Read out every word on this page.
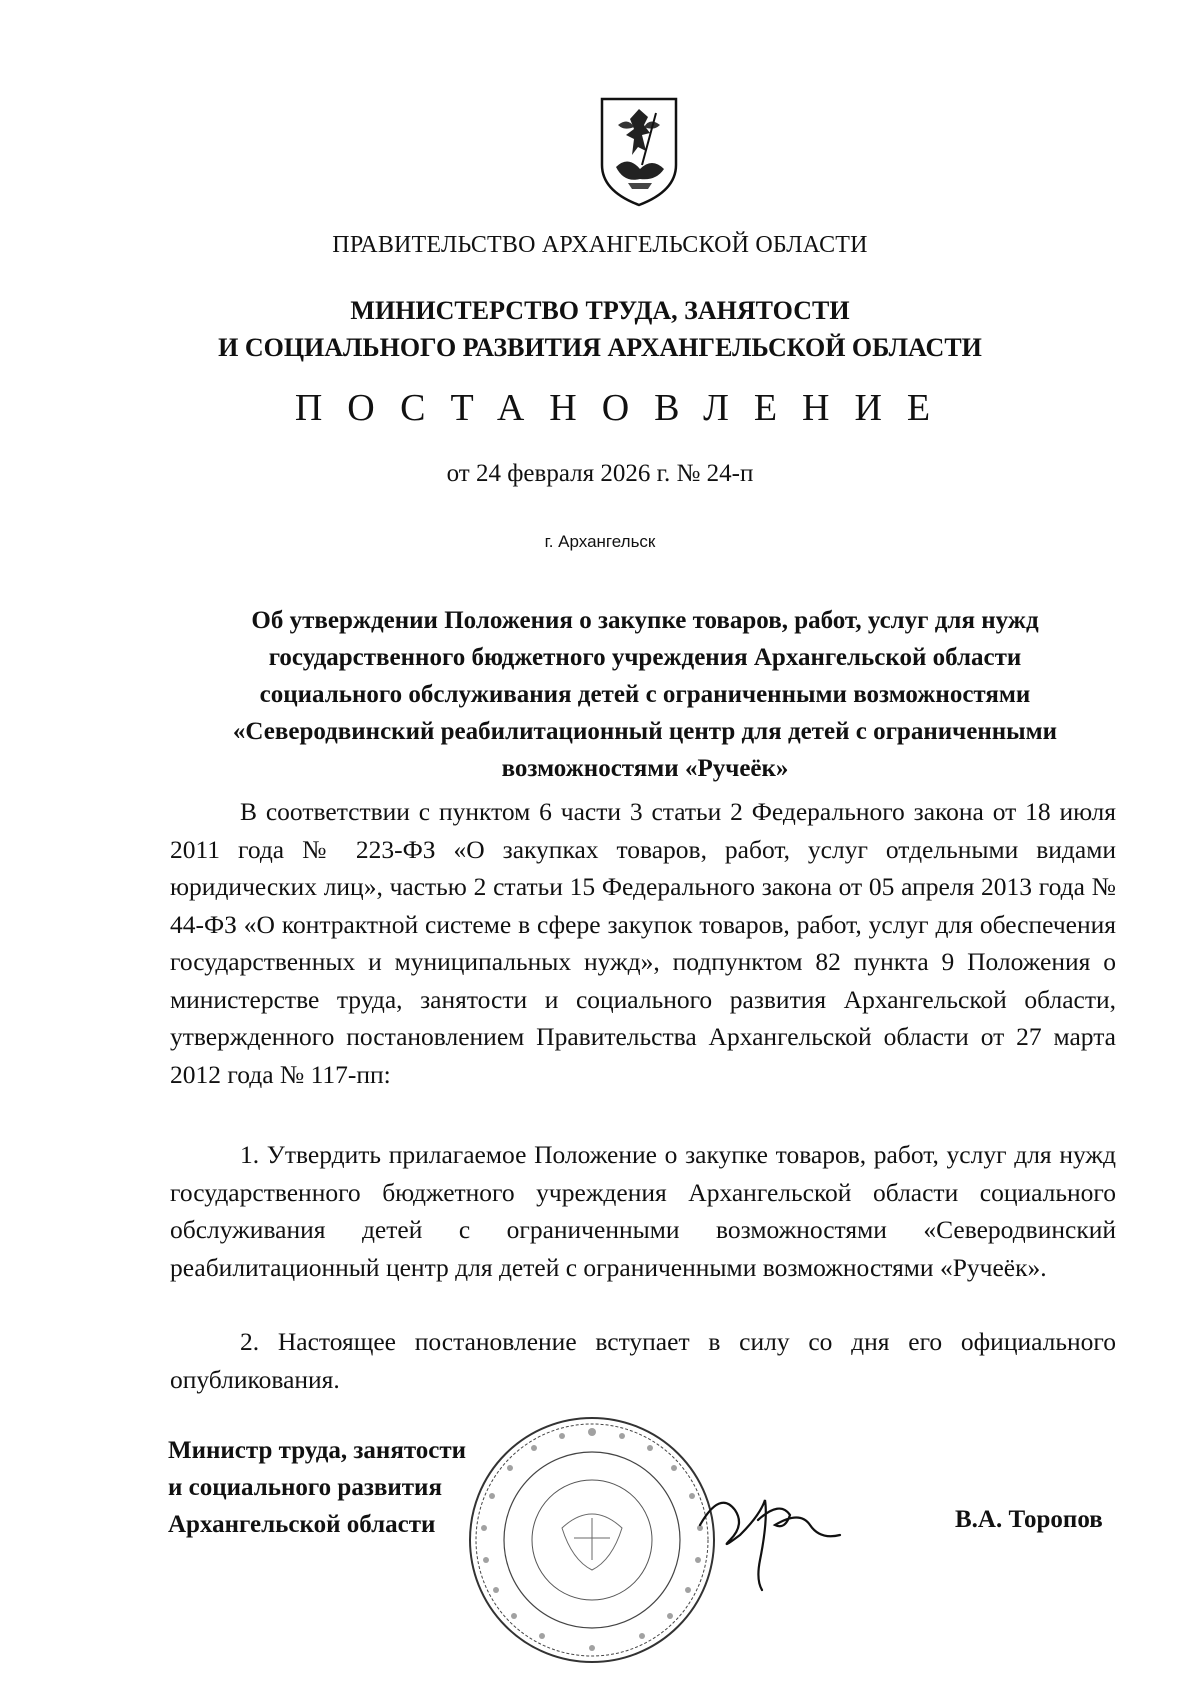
ПРАВИТЕЛЬСТВО АРХАНГЕЛЬСКОЙ ОБЛАСТИ
МИНИСТЕРСТВО ТРУДА, ЗАНЯТОСТИ
И СОЦИАЛЬНОГО РАЗВИТИЯ АРХАНГЕЛЬСКОЙ ОБЛАСТИ
ПОСТАНОВЛЕНИЕ
от 24 февраля 2026 г. № 24-п
г. Архангельск
Об утверждении Положения о закупке товаров, работ, услуг для нужд
государственного бюджетного учреждения Архангельской области
социального обслуживания детей с ограниченными возможностями
«Северодвинский реабилитационный центр для детей с ограниченными
возможностями «Ручеёк»

В соответствии с пунктом 6 части 3 статьи 2 Федерального закона от 18 июля 2011 года № 223-ФЗ «О закупках товаров, работ, услуг отдельными видами юридических лиц», частью 2 статьи 15 Федерального закона от 05 апреля 2013 года № 44-ФЗ «О контрактной системе в сфере закупок товаров, работ, услуг для обеспечения государственных и муниципальных нужд», подпунктом 82 пункта 9 Положения о министерстве труда, занятости и социального развития Архангельской области, утвержденного постановлением Правительства Архангельской области от 27 марта 2012 года № 117-пп:

1. Утвердить прилагаемое Положение о закупке товаров, работ, услуг для нужд государственного бюджетного учреждения Архангельской области социального обслуживания детей с ограниченными возможностями «Северодвинский реабилитационный центр для детей с ограниченными возможностями «Ручеёк».

2. Настоящее постановление вступает в силу со дня его официального опубликования.

Министр труда, занятости
и социального развития
Архангельской области	В.А. Торопов
